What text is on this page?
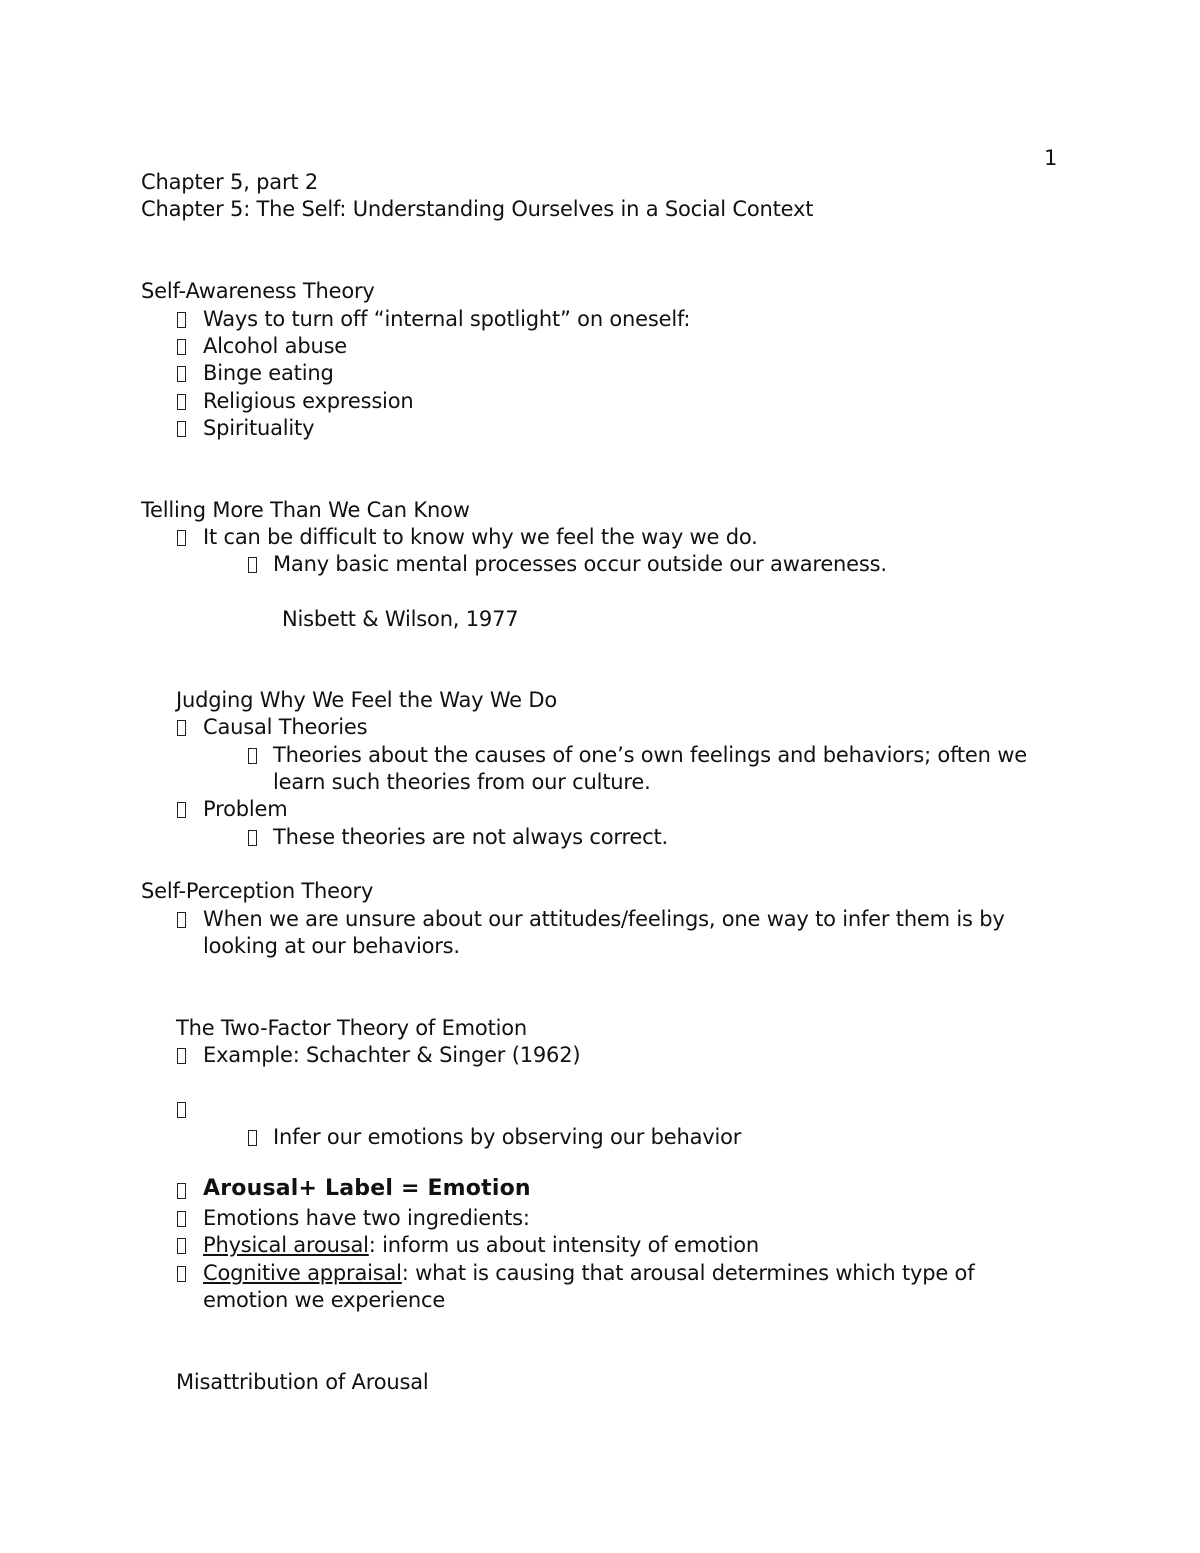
1
Chapter 5, part 2
Chapter 5: The Self: Understanding Ourselves in a Social Context
Self-Awareness Theory
Ways to turn off “internal spotlight” on oneself:
Alcohol abuse
Binge eating
Religious expression
Spirituality
Telling More Than We Can Know
It can be difficult to know why we feel the way we do.
Many basic mental processes occur outside our awareness.
Nisbett & Wilson, 1977
Judging Why We Feel the Way We Do
Causal Theories
Theories about the causes of one’s own feelings and behaviors; often we
learn such theories from our culture.
Problem
These theories are not always correct.
Self-Perception Theory
When we are unsure about our attitudes/feelings, one way to infer them is by
looking at our behaviors.
The Two-Factor Theory of Emotion
Example: Schachter & Singer (1962)
Infer our emotions by observing our behavior
Arousal+ Label = Emotion
Emotions have two ingredients:
Physical arousal: inform us about intensity of emotion
Cognitive appraisal: what is causing that arousal determines which type of
emotion we experience
Misattribution of Arousal
